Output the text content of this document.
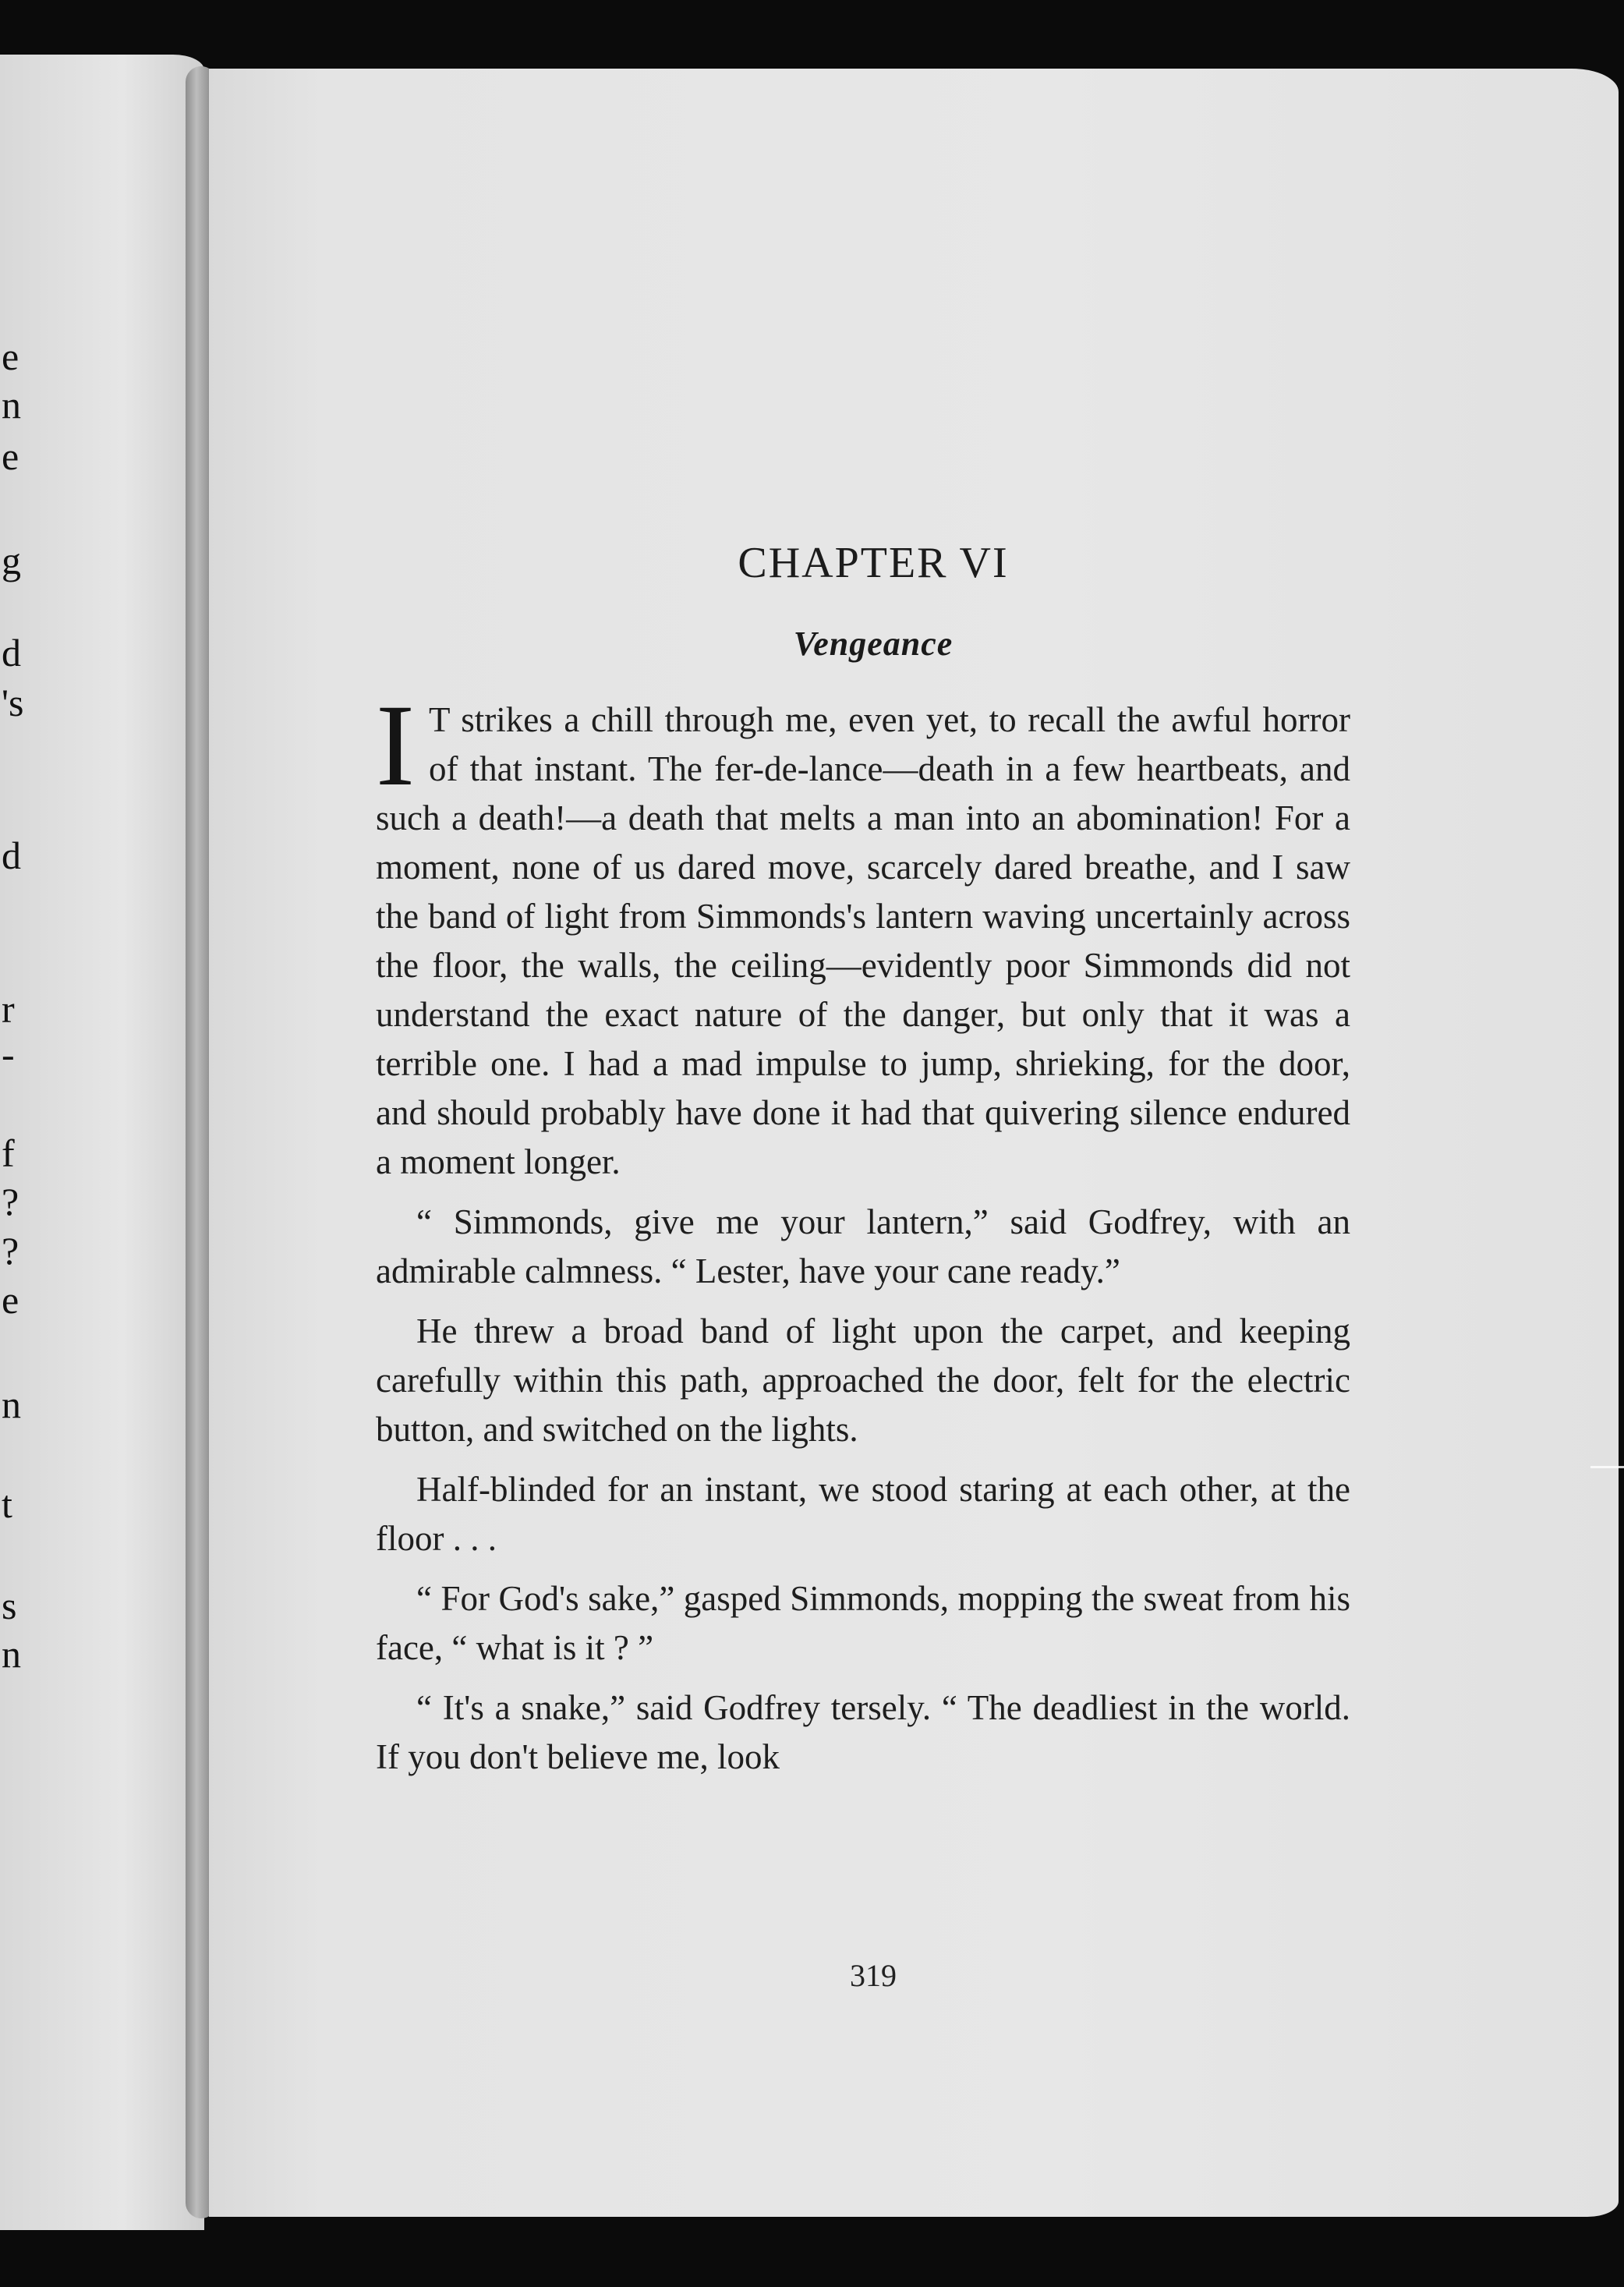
e
n
e
g
d
's
d
r
-
f
?
?
e
n
t
s
n
CHAPTER VI
Vengeance

I T strikes a chill through me, even yet, to recall the awful horror of that instant. The fer-de-lance—death in a few heartbeats, and such a death!—a death that melts a man into an abomination! For a moment, none of us dared move, scarcely dared breathe, and I saw the band of light from Simmonds's lantern waving uncertainly across the floor, the walls, the ceiling—evidently poor Simmonds did not understand the exact nature of the danger, but only that it was a terrible one. I had a mad impulse to jump, shrieking, for the door, and should probably have done it had that quivering silence endured a moment longer.

“ Simmonds, give me your lantern,” said Godfrey, with an admirable calmness. “ Lester, have your cane ready.”

He threw a broad band of light upon the carpet, and keeping carefully within this path, approached the door, felt for the electric button, and switched on the lights.

Half-blinded for an instant, we stood staring at each other, at the floor . . .

“ For God's sake,” gasped Simmonds, mopping the sweat from his face, “ what is it ? ”

“ It's a snake,” said Godfrey tersely. “ The deadliest in the world. If you don't believe me, look

319
